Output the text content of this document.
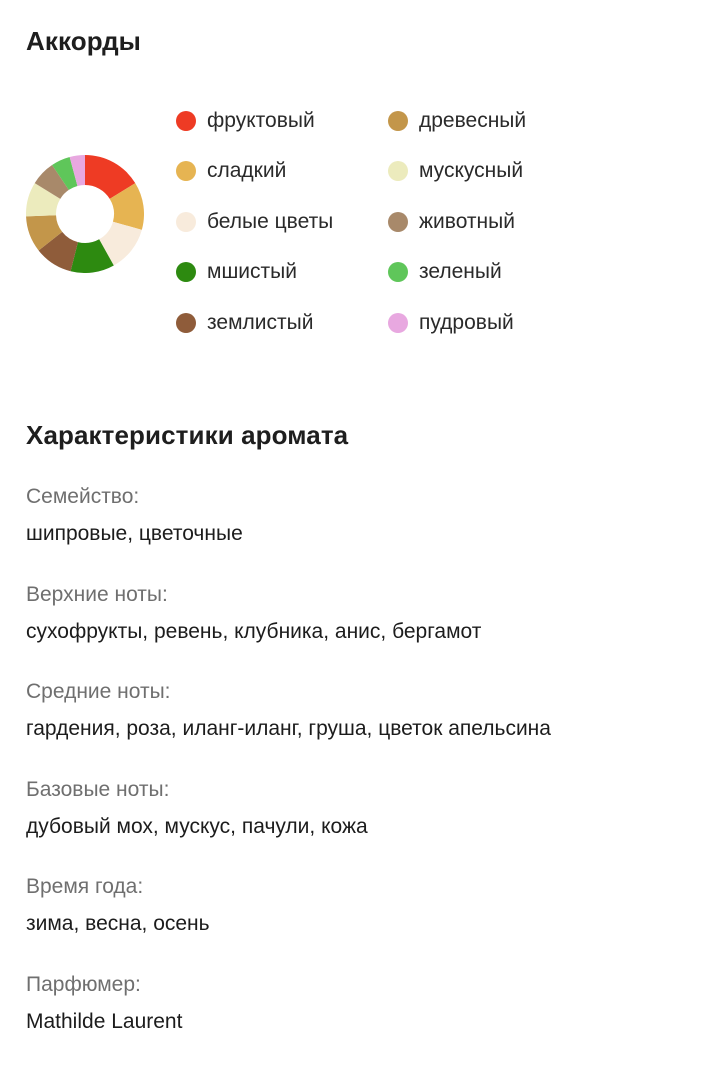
Аккорды
фруктовый	древесный
сладкий	мускусный
белые цветы	животный
мшистый	зеленый
землистый	пудровый
Характеристики аромата
Семейство:
шипровые, цветочные
Верхние ноты:
сухофрукты, ревень, клубника, анис, бергамот
Средние ноты:
гардения, роза, иланг-иланг, груша, цветок апельсина
Базовые ноты:
дубовый мох, мускус, пачули, кожа
Время года:
зима, весна, осень
Парфюмер:
Mathilde Laurent
